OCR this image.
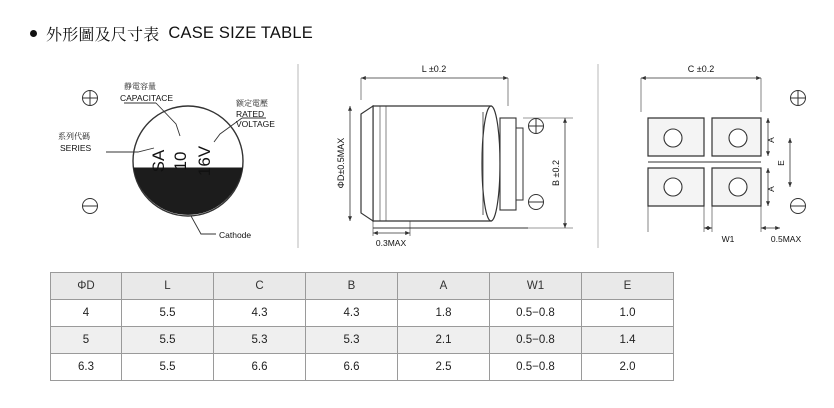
外形圖及尺寸表 CASE SIZE TABLE
SA 10 16V
静電容量
CAPACITACE
额定電壓
RATED
VOLTAGE
系列代碼
SERIES
Cathode
L ±0.2
0.3MAX
ΦD±0.5MAX	B ±0.2
C ±0.2
A
A
E
W1	0.5MAX
ΦD	L	C	B	A	W1	E
4	5.5	4.3	4.3	1.8	0.5−0.8	1.0
5	5.5	5.3	5.3	2.1	0.5−0.8	1.4
6.3	5.5	6.6	6.6	2.5	0.5−0.8	2.0
